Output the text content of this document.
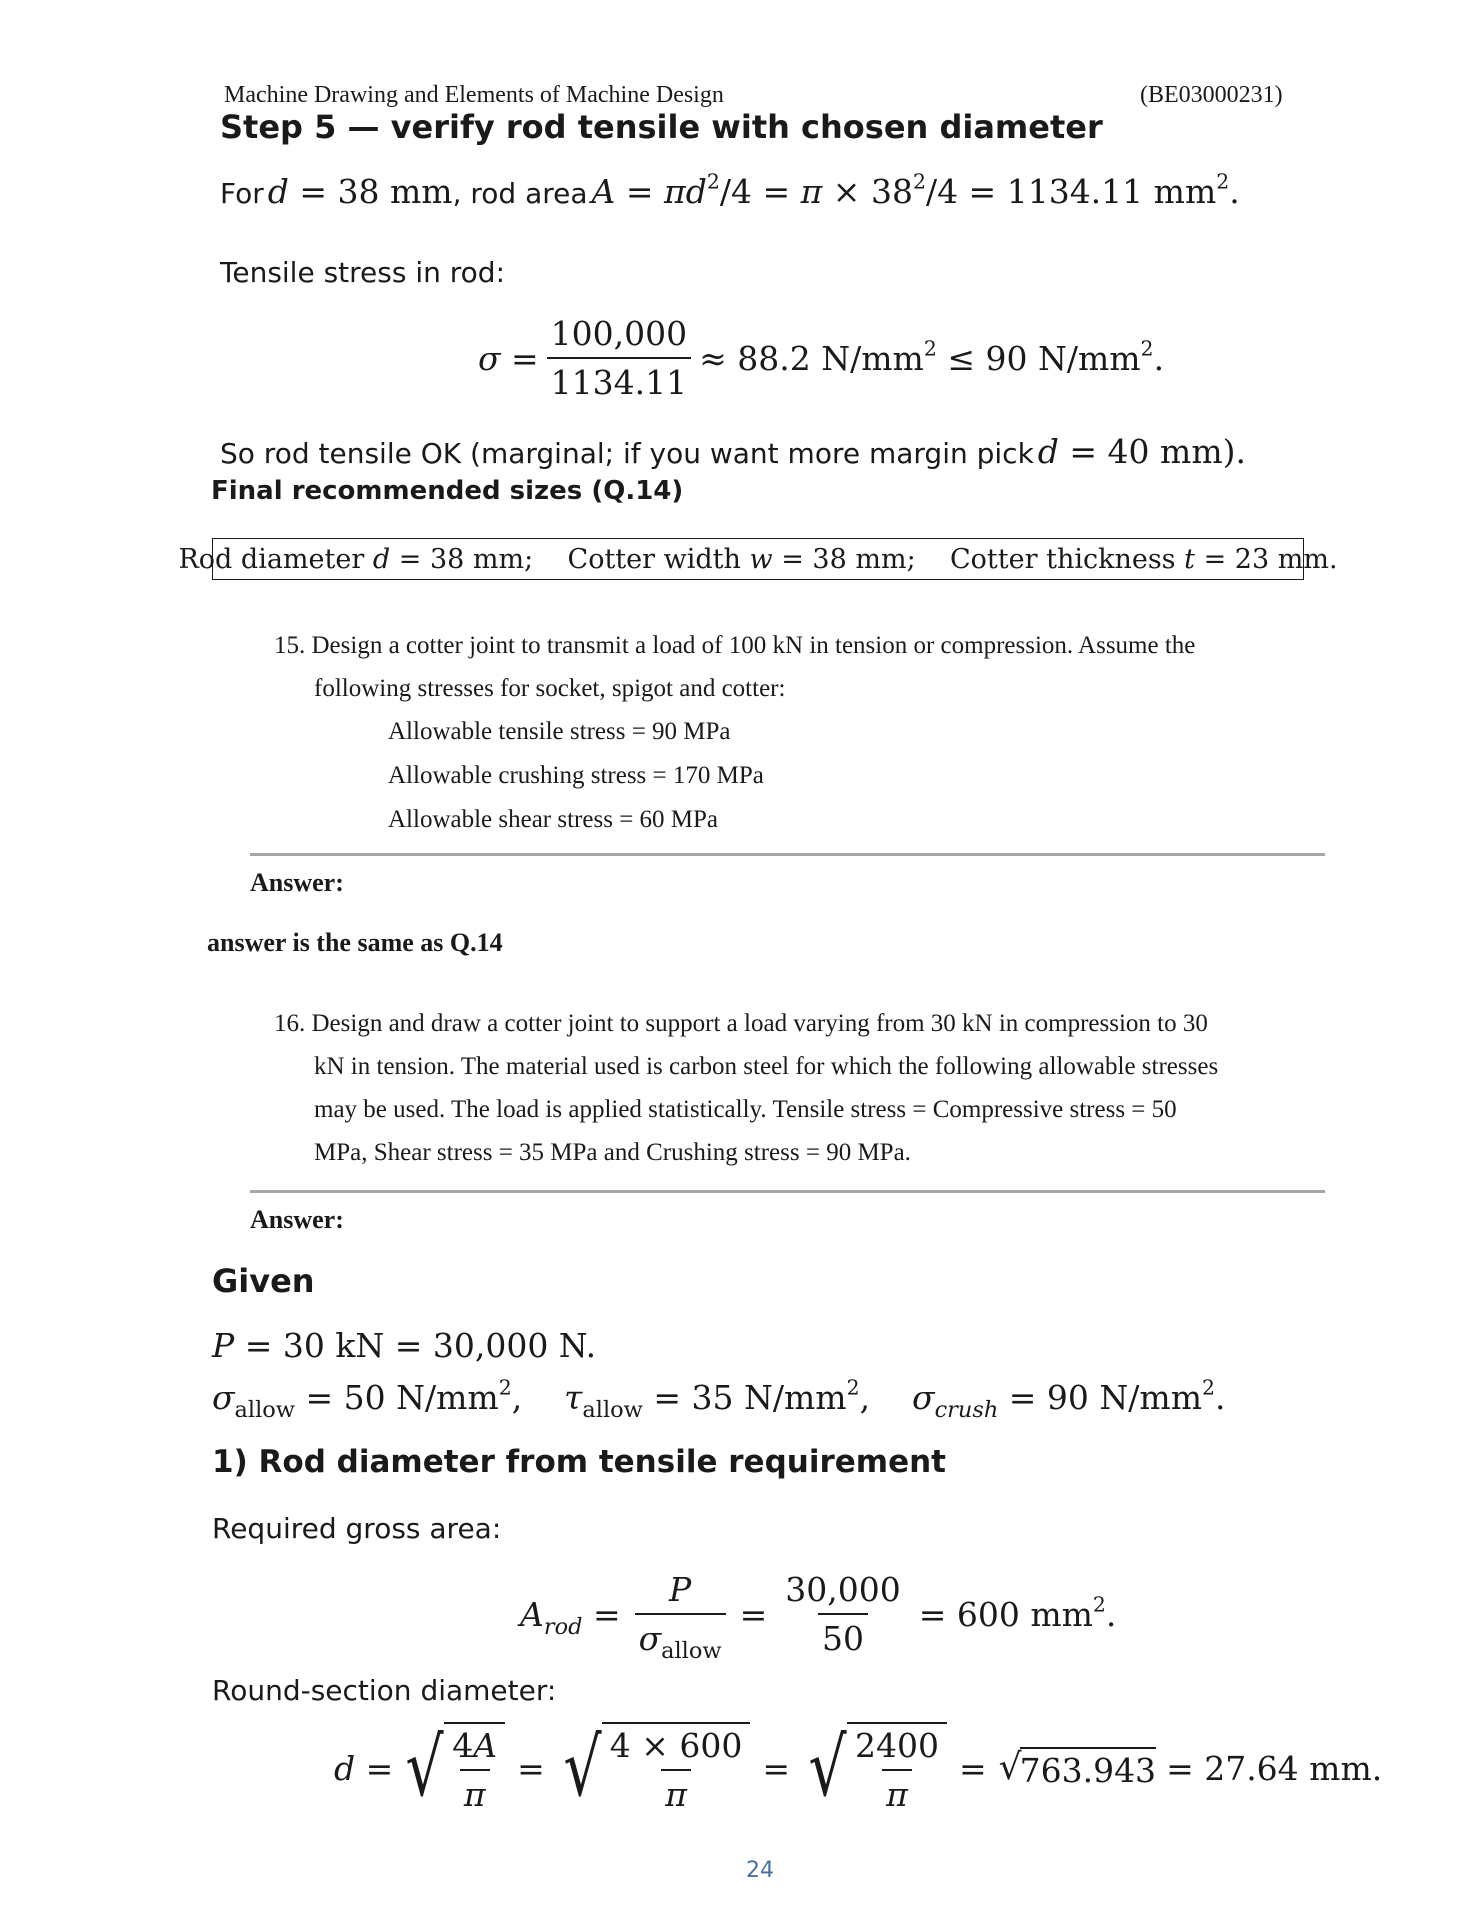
Machine Drawing and Elements of Machine Design	(BE03000231)
Step 5 — verify rod tensile with chosen diameter
For d = 38 mm, rod area $A = \pi d^2/4 = \pi \times 38^2/4 = 1134.11$ $mm^2$.
Tensile stress in rod:
$\sigma = \frac{100,000}{1134.11} \approx 88.2$ $N/mm^2 \le 90$ $N/mm^2$.
So rod tensile OK (marginal; if you want more margin pick d = 40 mm).
Final recommended sizes (Q.14)
Rod diameter d = 38 mm; Cotter width w = 38 mm; Cotter thickness t = 23 mm.
15. Design a cotter joint to transmit a load of 100 kN in tension or compression. Assume the
following stresses for socket, spigot and cotter:
Allowable tensile stress = 90 MPa
Allowable crushing stress = 170 MPa
Allowable shear stress = 60 MPa
Answer:
answer is the same as Q.14
16. Design and draw a cotter joint to support a load varying from 30 kN in compression to 30
kN in tension. The material used is carbon steel for which the following allowable stresses
may be used. The load is applied statistically. Tensile stress = Compressive stress = 50
MPa, Shear stress = 35 MPa and Crushing stress = 90 MPa.
Answer:
Given
P = 30 kN = 30,000 N.
$\sigma_{allow} = 50$ $N/mm^2$,    $\tau_{allow} = 35$ $N/mm^2$,    $\sigma_{crush} = 90$ $N/mm^2$.
1) Rod diameter from tensile requirement
Required gross area:
$A_{rod} = \frac{P}{\sigma_{allow}} = \frac{30,000}{50} = 600$ $mm^2$.
Round-section diameter:
d = √ $\frac{4A}{\pi}$ = √ $\frac{4 \times 600}{\pi}$ = √ $\frac{2400}{\pi}$ = √
763.943 = 27.64 mm.
24
